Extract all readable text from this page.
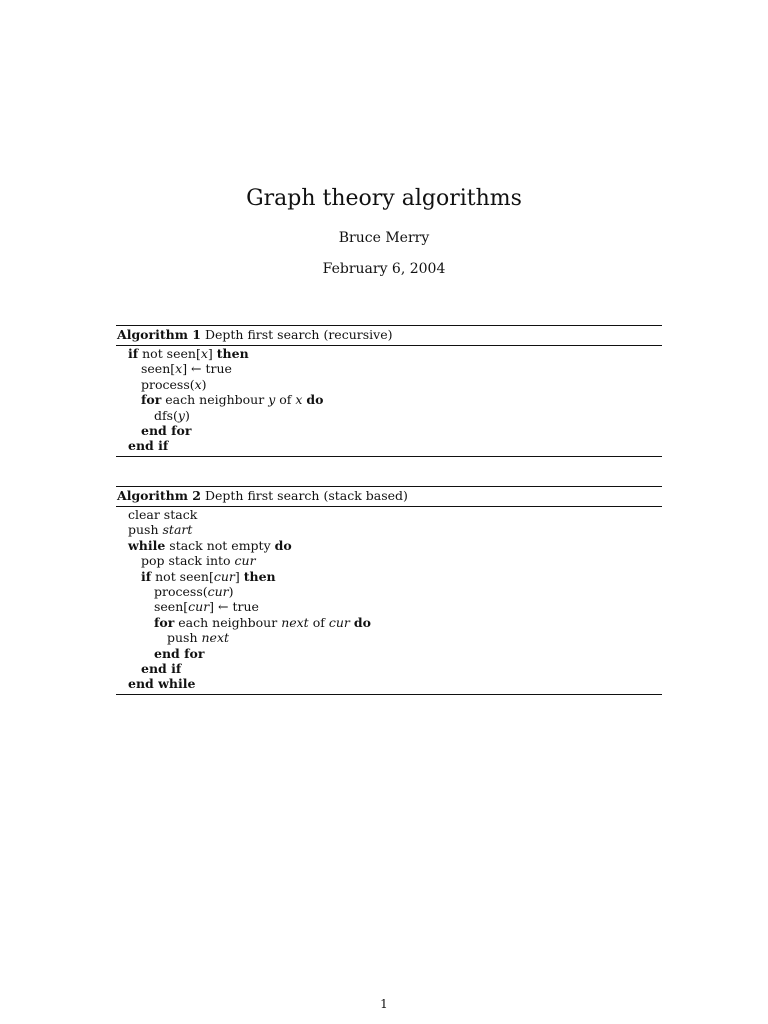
Graph theory algorithms
Bruce Merry
February 6, 2004
Algorithm 1 Depth first search (recursive)
if not seen[x] then
seen[x] ← true
process(x)
for each neighbour y of x do
dfs(y)
end for
end if
Algorithm 2 Depth first search (stack based)
clear stack
push start
while stack not empty do
pop stack into cur
if not seen[cur] then
process(cur)
seen[cur] ← true
for each neighbour next of cur do
push next
end for
end if
end while
1
